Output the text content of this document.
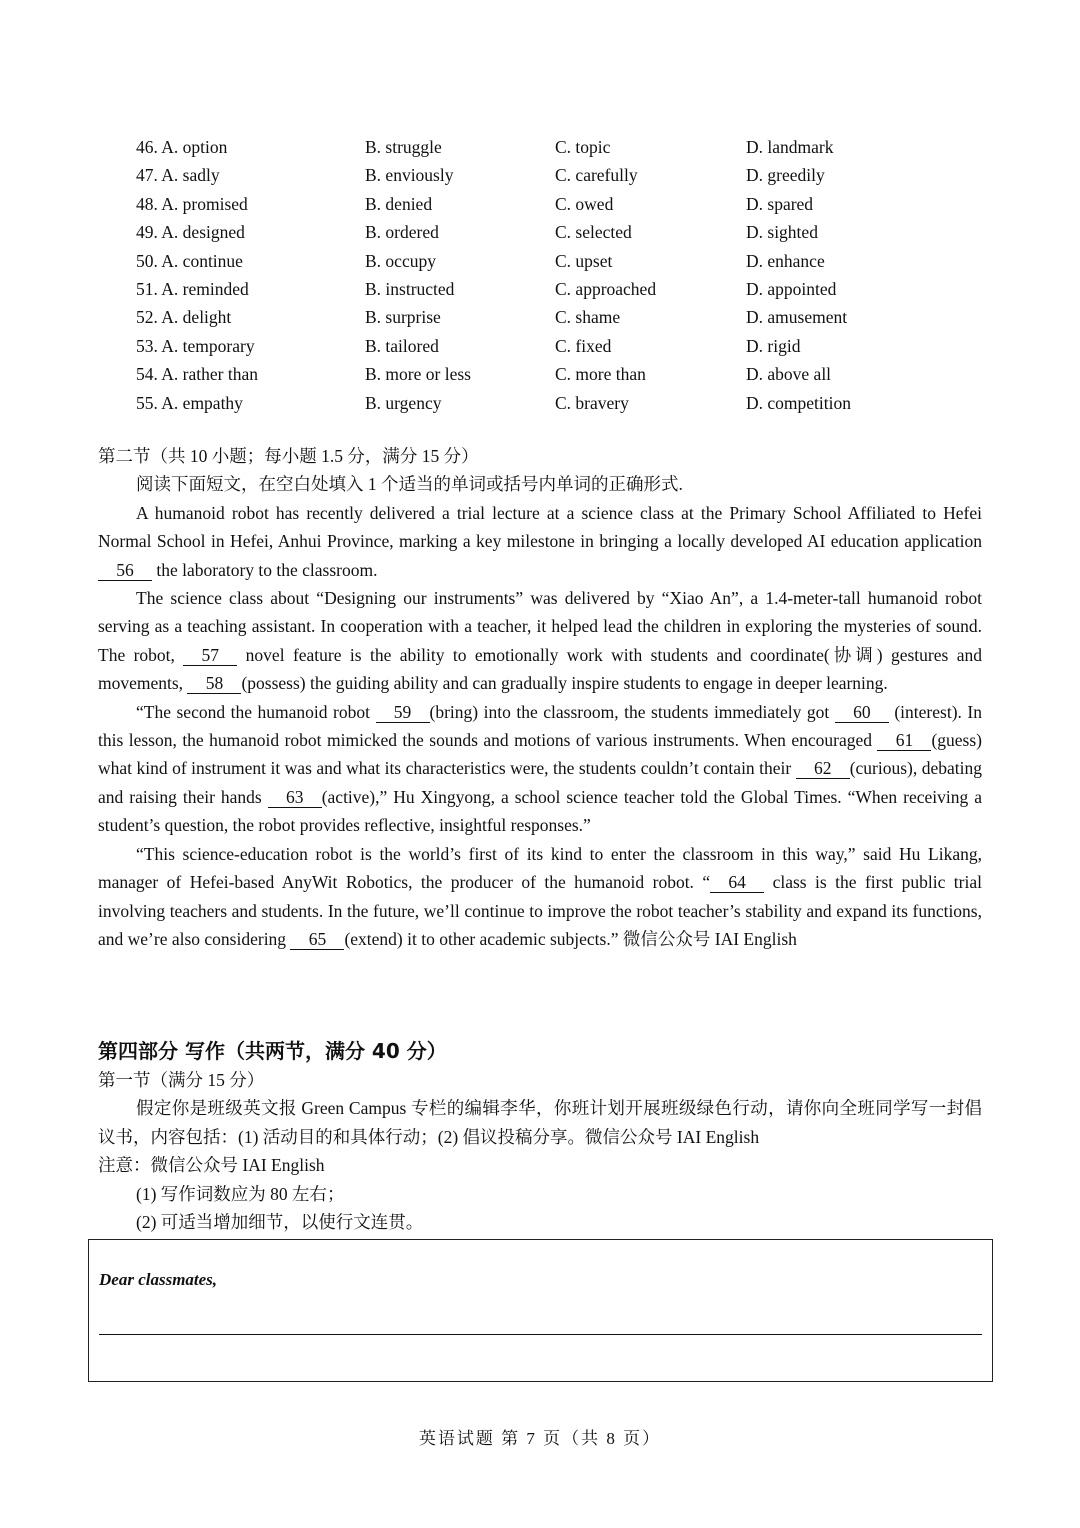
46. A. option	B. struggle	C. topic	D. landmark
47. A. sadly	B. enviously	C. carefully	D. greedily
48. A. promised	B. denied	C. owed	D. spared
49. A. designed	B. ordered	C. selected	D. sighted
50. A. continue	B. occupy	C. upset	D. enhance
51. A. reminded	B. instructed	C. approached	D. appointed
52. A. delight	B. surprise	C. shame	D. amusement
53. A. temporary	B. tailored	C. fixed	D. rigid
54. A. rather than	B. more or less	C. more than	D. above all
55. A. empathy	B. urgency	C. bravery	D. competition
第二节（共 10 小题；每小题 1.5 分，满分 15 分）
阅读下面短文，在空白处填入 1 个适当的单词或括号内单词的正确形式.

A humanoid robot has recently delivered a trial lecture at a science class at the Primary School Affiliated to Hefei Normal School in Hefei, Anhui Province, marking a key milestone in bringing a locally developed AI education application 56 the laboratory to the classroom.

The science class about “Designing our instruments” was delivered by “Xiao An”, a 1.4-meter-tall humanoid robot serving as a teaching assistant. In cooperation with a teacher, it helped lead the children in exploring the mysteries of sound. The robot, 57 novel feature is the ability to emotionally work with students and coordinate(协调) gestures and movements, 58 (possess) the guiding ability and can gradually inspire students to engage in deeper learning.

“The second the humanoid robot 59 (bring) into the classroom, the students immediately got 60 (interest). In this lesson, the humanoid robot mimicked the sounds and motions of various instruments. When encouraged 61 (guess) what kind of instrument it was and what its characteristics were, the students couldn’t contain their 62 (curious), debating and raising their hands 63 (active),” Hu Xingyong, a school science teacher told the Global Times. “When receiving a student’s question, the robot provides reflective, insightful responses.”

“This science-education robot is the world’s first of its kind to enter the classroom in this way,” said Hu Likang, manager of Hefei-based AnyWit Robotics, the producer of the humanoid robot. “ 64 class is the first public trial involving teachers and students. In the future, we’ll continue to improve the robot teacher’s stability and expand its functions, and we’re also considering 65 (extend) it to other academic subjects.” 微信公众号 IAI English

第四部分 写作（共两节，满分 40 分）
第一节（满分 15 分）

假定你是班级英文报 Green Campus 专栏的编辑李华，你班计划开展班级绿色行动，请你向全班同学写一封倡议书，内容包括：(1) 活动目的和具体行动；(2) 倡议投稿分享。微信公众号 IAI English

注意：微信公众号 IAI English
(1) 写作词数应为 80 左右；
(2) 可适当增加细节，以使行文连贯。
Dear classmates,
英语试题 第 7 页（共 8 页）
